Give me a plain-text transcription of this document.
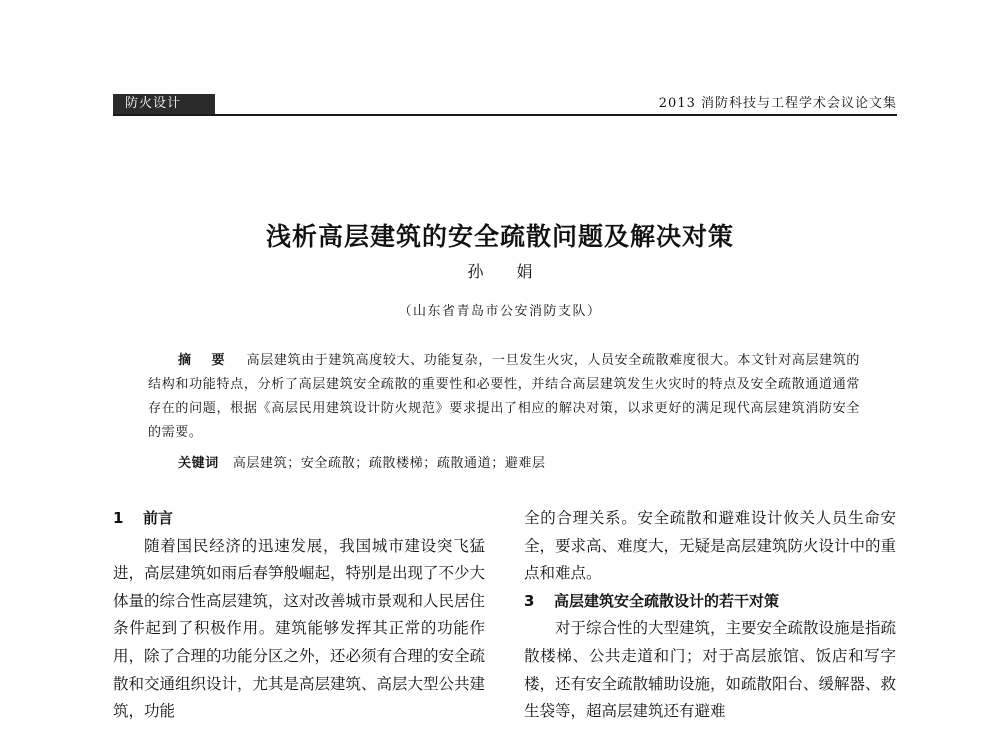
防火设计	2013 消防科技与工程学术会议论文集
浅析高层建筑的安全疏散问题及解决对策
孙 娟
（山东省青岛市公安消防支队）

摘 要 高层建筑由于建筑高度较大、功能复杂，一旦发生火灾，人员安全疏散难度很大。本文针对高层建筑的结构和功能特点，分析了高层建筑安全疏散的重要性和必要性，并结合高层建筑发生火灾时的特点及安全疏散通道通常存在的问题，根据《高层民用建筑设计防火规范》要求提出了相应的解决对策，以求更好的满足现代高层建筑消防安全的需要。

关键词 高层建筑；安全疏散；疏散楼梯；疏散通道；避难层

1 前言

随着国民经济的迅速发展，我国城市建设突飞猛进，高层建筑如雨后春笋般崛起，特别是出现了不少大体量的综合性高层建筑，这对改善城市景观和人民居住条件起到了积极作用。建筑能够发挥其正常的功能作用，除了合理的功能分区之外，还必须有合理的安全疏散和交通组织设计，尤其是高层建筑、高层大型公共建筑，功能

全的合理关系。安全疏散和避难设计攸关人员生命安全，要求高、难度大，无疑是高层建筑防火设计中的重点和难点。

3 高层建筑安全疏散设计的若干对策

对于综合性的大型建筑，主要安全疏散设施是指疏散楼梯、公共走道和门；对于高层旅馆、饭店和写字楼，还有安全疏散辅助设施，如疏散阳台、缓解器、救生袋等，超高层建筑还有避难
